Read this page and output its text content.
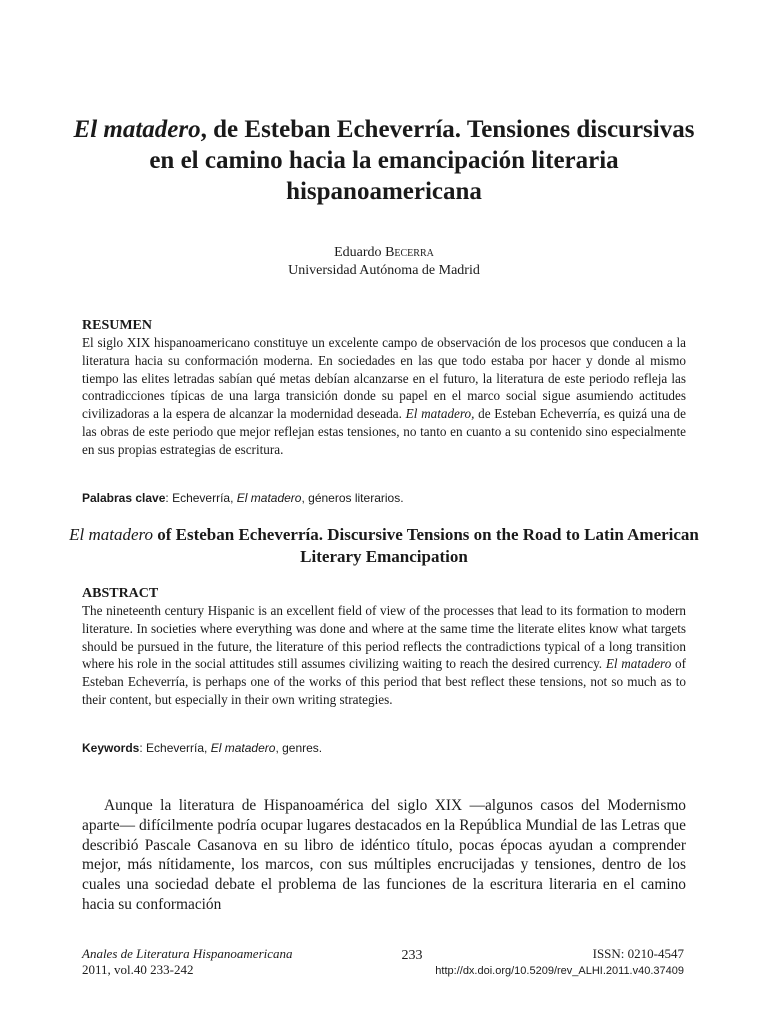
El matadero, de Esteban Echeverría. Tensiones discursivas en el camino hacia la emancipación literaria hispanoamericana
Eduardo Becerra
Universidad Autónoma de Madrid
RESUMEN

El siglo XIX hispanoamericano constituye un excelente campo de observación de los procesos que conducen a la literatura hacia su conformación moderna. En sociedades en las que todo estaba por hacer y donde al mismo tiempo las elites letradas sabían qué metas debían alcanzarse en el futuro, la literatura de este periodo refleja las contradicciones típicas de una larga transición donde su papel en el marco social sigue asumiendo actitudes civilizadoras a la espera de alcanzar la modernidad deseada. El matadero, de Esteban Echeverría, es quizá una de las obras de este periodo que mejor reflejan estas tensiones, no tanto en cuanto a su contenido sino especialmente en sus propias estrategias de escritura.

Palabras clave: Echeverría, El matadero, géneros literarios.
El matadero of Esteban Echeverría. Discursive Tensions on the Road to Latin American Literary Emancipation
ABSTRACT

The nineteenth century Hispanic is an excellent field of view of the processes that lead to its formation to modern literature. In societies where everything was done and where at the same time the literate elites know what targets should be pursued in the future, the literature of this period reflects the contradictions typical of a long transition where his role in the social attitudes still assumes civilizing waiting to reach the desired currency. El matadero of Esteban Echeverría, is perhaps one of the works of this period that best reflect these tensions, not so much as to their content, but especially in their own writing strategies.

Keywords: Echeverría, El matadero, genres.

Aunque la literatura de Hispanoamérica del siglo XIX ―algunos casos del Modernismo aparte― difícilmente podría ocupar lugares destacados en la República Mundial de las Letras que describió Pascale Casanova en su libro de idéntico título, pocas épocas ayudan a comprender mejor, más nítidamente, los marcos, con sus múltiples encrucijadas y tensiones, dentro de los cuales una sociedad debate el problema de las funciones de la escritura literaria en el camino hacia su conformación

Anales de Literatura Hispanoamericana
2011, vol.40 233-242
233	ISSN: 0210-4547
http://dx.doi.org/10.5209/rev_ALHI.2011.v40.37409
